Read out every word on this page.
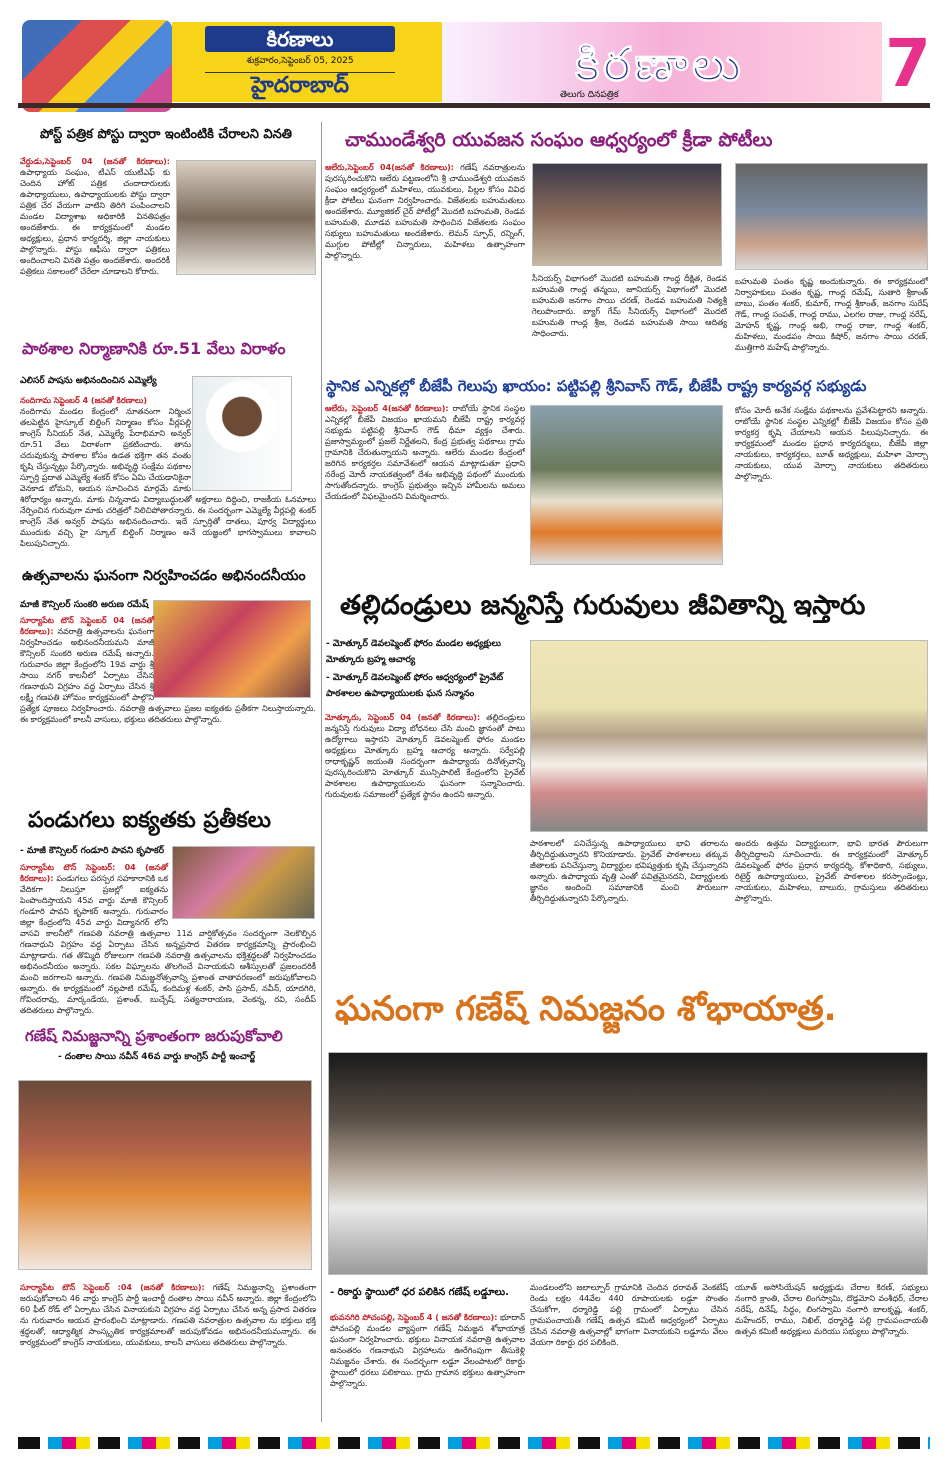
కిరణాలు
శుక్రవారం,సెప్టెంబర్ 05, 2025
హైదరాబాద్	కిరణాలు
తెలుగు దినపత్రిక	7
పోస్ట్ పత్రిక పోస్టు ద్వారా ఇంటింటికి చేరాలని వినతి
వేర్దుడు,సెప్టెంబర్ 04 (జనతో కిరణాలు): ఉపాధ్యాయ సంఘం, టీఎస్ యుటీఎఫ్ కు చెందిన హోట్ పత్రిక చందాదారులకు ఉపాధ్యాయులు, ఉపాధ్యాయులకు పోస్టు ద్వారా పత్రిక చేర వేయగా వాటిని తిరిగి పంపించాలని మండల విద్యాశాఖ అధికారికి వినతిపత్రం అందజేశారు. ఈ కార్యక్రమంలో మండల అధ్యక్షులు, ప్రధాన కార్యదర్శి, జిల్లా నాయకులు పాల్గొన్నారు. పోస్టు ఆఫీసు ద్వారా పత్రికలు అందించాలని వినతి పత్రం అందజేశారు. అందరికీ పత్రికలు సకాలంలో చేరేలా చూడాలని కోరారు.
పాఠశాల నిర్మాణానికి రూ.51 వేలు విరాళం
ఎలిసర్ పాషను అభినందించిన ఎమ్మెల్యే
నందిగామ సెప్టెంబర్ 4 (జనతో కిరణాలు)
నందిగామ మండల కేంద్రంలో నూతనంగా నిర్మించ తలపెట్టిన హైస్కూల్ బిల్డింగ్ నిర్మాణం కోసం వీర్లపల్లి కాంగ్రెస్ సీనియర్ నేత, ఎమ్మెల్యే పేరాభిమాని అన్వర్ రూ.51 వేలు విరాళంగా ప్రకటించారు. తాను చదువుకున్న పాఠశాల కోసం ఉడత భక్తిగా తన వంతు కృషి చేస్తున్నట్లు పేర్కొన్నారు. అభివృద్ధి సంక్షేమ పథకాల స్ఫూర్తి ప్రదాత ఎమ్మెల్యే శంకర్ కోసం ఏమి చేయడానికైనా వెనకాడ బోమని, ఆయన సూచించిన మార్గమే మాకు శిరోధార్యం అన్నారు. మాకు చిన్ననాడు విద్యాబుద్ధులతో అక్షరాలు దిద్దించి, రాజకీయ ఓనమాలు నేర్పించిన గురువుగా మాకు చరిత్రలో నిలిచిపోతారన్నారు. ఈ సందర్భంగా ఎమ్మెల్యే వీర్లపల్లి శంకర్ కాంగ్రెస్ నేత అన్వర్ పాషను అభినందించారు. ఇదే స్ఫూర్తితో దాతలు, పూర్వ విద్యార్థులు ముందుకు వచ్చి హై స్కూల్ బిల్డింగ్ నిర్మాణం అనే యజ్ఞంలో భాగస్వాములు కావాలని పిలుపునిచ్చారు.
ఉత్సవాలను ఘనంగా నిర్వహించడం అభినందనీయం
మాజీ కౌన్సిలర్ సుంకరి అరుణ రమేష్
సూర్యాపేట టౌన్ సెప్టెంబర్ 04 (జనతో కిరణాలు): నవరాత్రి ఉత్సవాలను ఘనంగా నిర్వహించడం అభినందనీయమని మాజీ కౌన్సిలర్ సుంకరి అరుణ రమేష్ అన్నారు. గురువారం జిల్లా కేంద్రంలోని 19వ వార్డు శ్రీ సాయి నగర్ కాలనీలో ఏర్పాటు చేసిన గణనాథుని విగ్రహం వద్ద ఏర్పాటు చేసిన శ్రీ లక్ష్మీ గణపతి హోమం కార్యక్రమంలో పాల్గొని ప్రత్యేక పూజలు నిర్వహించారు. నవరాత్రి ఉత్సవాలు ప్రజల ఐక్యతకు ప్రతీకగా నిలుస్తాయన్నారు. ఈ కార్యక్రమంలో కాలనీ వాసులు, భక్తులు తదితరులు పాల్గొన్నారు.
పండుగలు ఐక్యతకు ప్రతీకలు
- మాజీ కౌన్సిలర్ గండూరి పావని కృపాకర్
సూర్యాపేట టౌన్ సెప్టెంబర్: 04 (జనతో కిరణాలు): పండుగలు పరస్పర సహకారానికి ఒక వేదికగా నిలుస్తూ ప్రజల్లో ఐక్యతను పెంపొందిస్తాయని 45వ వార్డు మాజీ కౌన్సిలర్ గండూరి పావని కృపాకర్ అన్నారు. గురువారం జిల్లా కేంద్రంలోని 45వ వార్డు విద్యానగర్ లోని వాసవి కాలనీలో గణపతి నవరాత్రి ఉత్సవాల 11వ వార్షికోత్సవం సందర్భంగా నెలకొల్పిన గణనాధుని విగ్రహం వద్ద ఏర్పాటు చేసిన అన్నప్రసాద వితరణ కార్యక్రమాన్ని ప్రారంభించి మాట్లాడారు. గత తొమ్మిది రోజులుగా గణపతి నవరాత్రి ఉత్సవాలను భక్తిశ్రద్ధలతో నిర్వహించడం అభినందనీయం అన్నారు. సకల విఘ్నాలను తొలగించే వినాయకుని ఆశీస్సులతో ప్రజలందరికీ మంచి జరగాలని అన్నారు. గణపతి నిమజ్జనోత్సవాన్ని ప్రశాంత వాతావరణంలో జరుపుకోవాలని అన్నారు. ఈ కార్యక్రమంలో నల్లపాటి రమేష్, కందిమళ్ల శంకర్, పాసి ప్రసాద్, నవీన్, యాదగిరి, గోవిందరావు, మార్కండేయ, ప్రశాంత్, బుచ్చేష్, సత్యనారాయణ, వెంకన్న, రవి, సందీప్ తదితరులు పాల్గొన్నారు.
గణేష్ నిమజ్జనాన్ని ప్రశాంతంగా జరుపుకోవాలి
- దంతాల సాయి నవీన్ 46వ వార్డు కాంగ్రెస్ పార్టీ ఇంచార్జ్
సూర్యాపేట టౌన్ సెప్టెంబర్ :04 (జనతో కిరణాలు): గణేష్ నిమజ్జనాన్ని ప్రశాంతంగా జరుపుకోవాలని 46 వార్డు కాంగ్రెస్ పార్టీ ఇంచార్జీ దంతాల సాయి నవీన్ అన్నారు. జిల్లా కేంద్రంలోని 60 ఫీట్ రోడ్ లో ఏర్పాటు చేసిన వినాయకుని విగ్రహం వద్ద ఏర్పాటు చేసిన అన్న ప్రసాద వితరణ ను గురువారం ఆయన ప్రారంభించి మాట్లాడారు. గణపతి నవరాత్రుల ఉత్సవాల ను భక్తులు భక్తి శ్రద్ధలతో, ఆధ్యాత్మిక సాంస్కృతిక కార్యక్రమాలతో జరుపుకోవడం అభినందనీయమన్నారు. ఈ కార్యక్రమంలో కాంగ్రెస్ నాయకులు, యువకులు, కాలనీ వాసులు తదితరులు పాల్గొన్నారు.
చాముండేశ్వరి యువజన సంఘం ఆధ్వర్యంలో క్రీడా పోటీలు
ఆలేరు,సెప్టెంబర్ 04(జనతో కిరణాలు): గణేష్ నవరాత్రులను పురస్కరించుకొని ఆలేరు పట్టణంలోని శ్రీ చాముండేశ్వరి యువజన సంఘం ఆధ్వర్యంలో మహిళలు, యువకులు, పిల్లల కోసం వివిధ క్రీడా పోటీలు ఘనంగా నిర్వహించారు. విజేతలకు బహుమతులు అందజేశారు. మ్యూజికల్ చైర్ పోటీల్లో మొదటి బహుమతి, రెండవ బహుమతి, మూడవ బహుమతి సాధించిన విజేతలకు సంఘం సభ్యులు బహుమతులు అందజేశారు. లెమన్ స్పూన్, రన్నింగ్, ముగ్గుల పోటీల్లో చిన్నారులు, మహిళలు ఉత్సాహంగా పాల్గొన్నారు.
సీనియర్స్ విభాగంలో మొదటి బహుమతి గాంధ్ల దీక్షిత, రెండవ బహుమతి గాంధ్ల తన్మయి, జూనియర్స్ విభాగంలో మొదటి బహుమతి జనగాం సాయి చరణ్, రెండవ బహుమతి నిత్యశ్రీ గెలుపొందారు. బ్యాగ్ గేమ్ సీనియర్స్ విభాగంలో మొదటి బహుమతి గాంధ్ల శ్రీజ, రెండవ బహుమతి సాయి ఆదిత్య సాధించారు.
బహుమతి పంతం కృష్ణ అందుకున్నారు. ఈ కార్యక్రమంలో నిర్వాహకులు పంతం కృష్ణ, గాంధ్ల రమేష్, సుతారి శ్రీకాంత్ బాబు, పంతం శంకర్, కుమార్, గాంధ్ల శ్రీకాంత్, జనగాం సురేష్ గౌడ్, గాంధ్ల సంపత్, గాంధ్ల రాము, ఎలగల రాజు, గాంధ్ల నరేష్, మోహన్ కృష్ణ, గాంధ్ల అభి, గాంధ్ల రాజు, గాంధ్ల శంకర్, మహిళలు, మండపం సాయి కిషోర్, జనగాం సాయి చరణ్, ముత్తిగారి మహేష్ పాల్గొన్నారు.
స్థానిక ఎన్నికల్లో బీజేపీ గెలుపు ఖాయం: పట్టిపల్లి శ్రీనివాస్ గౌడ్, బీజేపీ రాష్ట్ర కార్యవర్గ సభ్యుడు
ఆలేరు, సెప్టెంబర్ 4(జనతో కిరణాలు): రాబోయే స్థానిక సంస్థల ఎన్నికల్లో బీజేపీ విజయం ఖాయమని బీజేపీ రాష్ట్ర కార్యవర్గ సభ్యుడు పట్టిపల్లి శ్రీనివాస్ గౌడ్ ధీమా వ్యక్తం చేశారు. ప్రజాస్వామ్యంలో ప్రజలే నిర్ణేతలని, కేంద్ర ప్రభుత్వ పథకాలు గ్రామ గ్రామానికి చేరుతున్నాయని అన్నారు. ఆలేరు మండల కేంద్రంలో జరిగిన కార్యకర్తల సమావేశంలో ఆయన మాట్లాడుతూ ప్రధాని నరేంద్ర మోదీ నాయకత్వంలో దేశం అభివృద్ధి పథంలో ముందుకు సాగుతోందన్నారు. కాంగ్రెస్ ప్రభుత్వం ఇచ్చిన హామీలను అమలు చేయడంలో విఫలమైందని విమర్శించారు.
కోసం మోదీ అనేక సంక్షేమ పథకాలను ప్రవేశపెట్టారని అన్నారు. రాబోయే స్థానిక సంస్థల ఎన్నికల్లో బీజేపీ విజయం కోసం ప్రతి కార్యకర్త కృషి చేయాలని ఆయన పిలుపునిచ్చారు. ఈ కార్యక్రమంలో మండల ప్రధాన కార్యదర్శులు, బీజేపీ జిల్లా నాయకులు, కార్యకర్తలు, బూత్ అధ్యక్షులు, మహిళా మోర్చా నాయకులు, యువ మోర్చా నాయకులు తదితరులు పాల్గొన్నారు.
తల్లిదండ్రులు జన్మనిస్తే గురువులు జీవితాన్ని ఇస్తారు
- మోత్కూర్ డెవలప్మెంట్ ఫోరం మండల అధ్యక్షులు మోత్కూరు బ్రహ్మ ఆచార్య
- మోత్కూర్ డెవలప్మెంట్ ఫోరం ఆధ్వర్యంలో ప్రైవేట్ పాఠశాలల ఉపాధ్యాయులకు ఘన సన్మానం
మోత్కూరు, సెప్టెంబర్ 04 (జనతో కిరణాలు): తల్లిదండ్రులు జన్మనిస్తే గురువులు విద్యా బోధనలు చేసి మంచి జ్ఞానంతో పాటు ఉద్యోగాలు ఇస్తారని మోత్కూర్ డెవలప్మెంట్ ఫోరం మండల అధ్యక్షులు మోత్కూరు బ్రహ్మ ఆచార్య అన్నారు. సర్వేపల్లి రాధాకృష్ణన్ జయంతి సందర్భంగా ఉపాధ్యాయ దినోత్సవాన్ని పురస్కరించుకొని మోత్కూర్ మున్సిపాలిటీ కేంద్రంలోని ప్రైవేట్ పాఠశాలల ఉపాధ్యాయులను ఘనంగా సన్మానించారు. గురువులకు సమాజంలో ప్రత్యేక స్థానం ఉందని అన్నారు.
పాఠశాలలో పనిచేస్తున్న ఉపాధ్యాయులు భావి తరాలను తీర్చిదిద్దుతున్నారని కొనియాడారు. ప్రైవేట్ పాఠశాలలు తక్కువ జీతాలకు పనిచేస్తున్నా విద్యార్థుల భవిష్యత్తుకు కృషి చేస్తున్నారని అన్నారు. ఉపాధ్యాయ వృత్తి ఎంతో పవిత్రమైనదని, విద్యార్థులకు జ్ఞానం అందించి సమాజానికి మంచి పౌరులుగా తీర్చిదిద్దుతున్నారని పేర్కొన్నారు.
అందరు ఉత్తమ విద్యార్థులుగా, భావి భారత పౌరులుగా తీర్చిదిద్దాలని సూచించారు. ఈ కార్యక్రమంలో మోత్కూర్ డెవలప్మెంట్ ఫోరం ప్రధాన కార్యదర్శి, కోశాధికారి, సభ్యులు, రిటైర్డ్ ఉపాధ్యాయులు, ప్రైవేట్ పాఠశాలల కరస్పాండెంట్లు, నాయకులు, మహిళలు, బాలురు, గ్రామస్తులు తదితరులు పాల్గొన్నారు.
ఘనంగా గణేష్ నిమజ్జనం శోభాయాత్ర.
- రికార్డు స్థాయిలో ధర పలికిన గణేష్ లడ్డూలు.
భువనగిరి పోచంపల్లి, సెప్టెంబర్ 4 ( జనతో కిరణాలు): భూదాన్ పోచంపల్లి మండల వ్యాప్తంగా గణేష్ నిమజ్జన శోభాయాత్ర ఘనంగా నిర్వహించారు. భక్తులు వినాయక నవరాత్రి ఉత్సవాల అనంతరం గణనాథుని విగ్రహాలను ఊరేగింపుగా తీసుకెళ్లి నిమజ్జనం చేశారు. ఈ సందర్భంగా లడ్డూ వేలంపాటలో రికార్డు స్థాయిలో ధరలు పలికాయి. గ్రామ గ్రామాన భక్తులు ఉత్సాహంగా పాల్గొన్నారు.
మండలంలోని జలాల్పూర్ గ్రామానికి చెందిన ధరావత్ వెంకటేష్ రెండు లక్షల 44వేల 440 రూపాయలకు లడ్డూ సొంతం చేసుకోగా, ధర్మారెడ్డి పల్లి గ్రామంలో ఏర్పాటు చేసిన గ్రామపంచాయతీ గణేష్ ఉత్సవ కమిటీ ఆధ్వర్యంలో ఏర్పాటు చేసిన నవరాత్రి ఉత్సవాల్లో భాగంగా వినాయకుని లడ్డూను వేలం వేయగా రికార్డు ధర పలికింది.
యూత్ అసోసియేషన్ అధ్యక్షుడు చేరాల కిరణ్, సభ్యులు నంగారి క్రాంతి, చేరాల లింగస్వామి, దొడ్డమోని వంశీధర్, చేరాల నరేష్, దినేష్, సిద్ధం, లింగస్వామి నంగారి బాలకృష్ణ, శంకర్, మహేందర్, రాము, నిఖిల్, ధర్మారెడ్డి పల్లి గ్రామపంచాయతీ ఉత్సవ కమిటీ అధ్యక్షులు మరియు సభ్యులు పాల్గొన్నారు.
